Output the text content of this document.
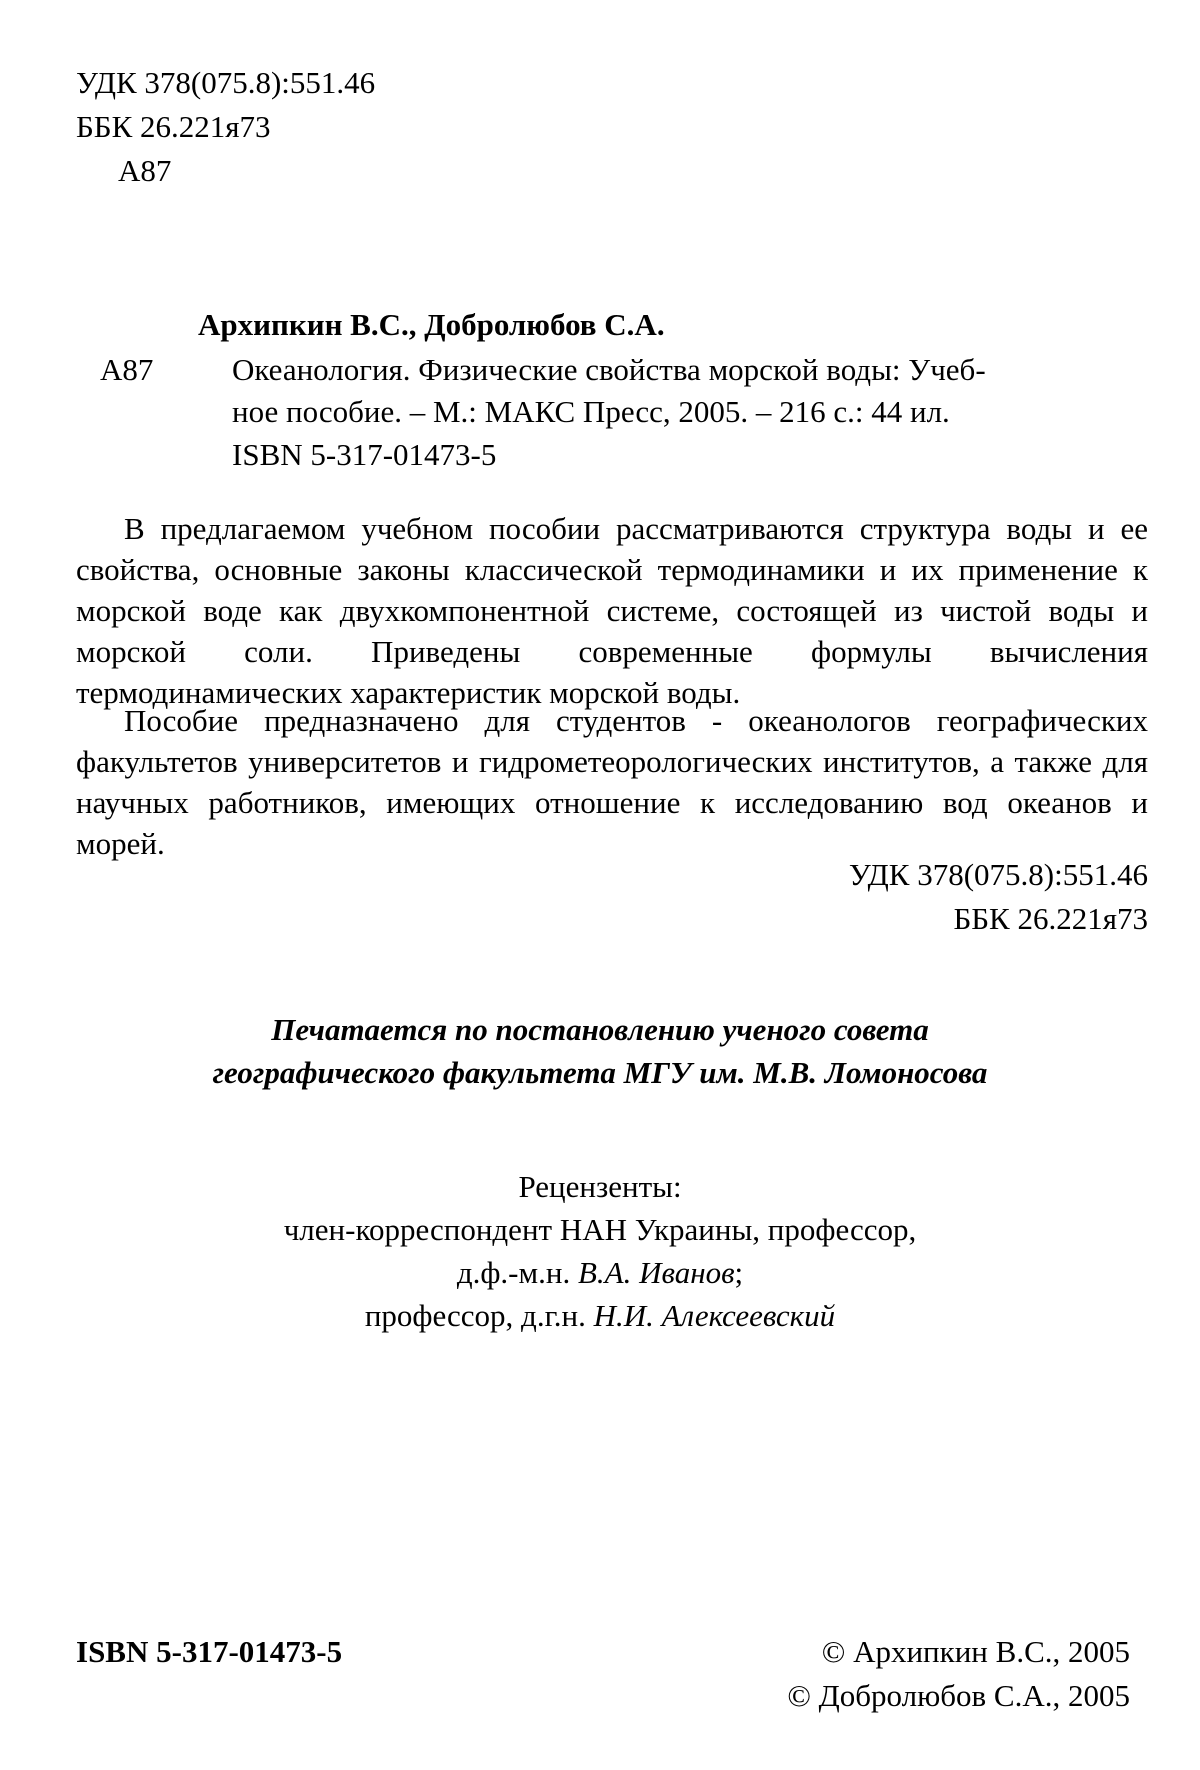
УДК 378(075.8):551.46
ББК 26.221я73
А87
Архипкин В.С., Добролюбов С.А.
А87	Океанология. Физические свойства морской воды: Учеб-
ное пособие. – М.: МАКС Пресс, 2005. – 216 с.: 44 ил.
ISBN 5-317-01473-5

В предлагаемом учебном пособии рассматриваются структура воды и ее свойства, основные законы классической термодинамики и их применение к морской воде как двухкомпонентной системе, состоящей из чистой воды и морской соли. Приведены современные формулы вычисления термодинамических характеристик морской воды.

Пособие предназначено для студентов - океанологов географических факультетов университетов и гидрометеорологических институтов, а также для научных работников, имеющих отношение к исследованию вод океанов и морей.

УДК 378(075.8):551.46
ББК 26.221я73
Печатается по постановлению ученого совета
географического факультета МГУ им. М.В. Ломоносова
Рецензенты:
член-корреспондент НАН Украины, профессор,
д.ф.-м.н. В.А. Иванов;
профессор, д.г.н. Н.И. Алексеевский
ISBN 5-317-01473-5	© Архипкин В.С., 2005
© Добролюбов С.А., 2005
